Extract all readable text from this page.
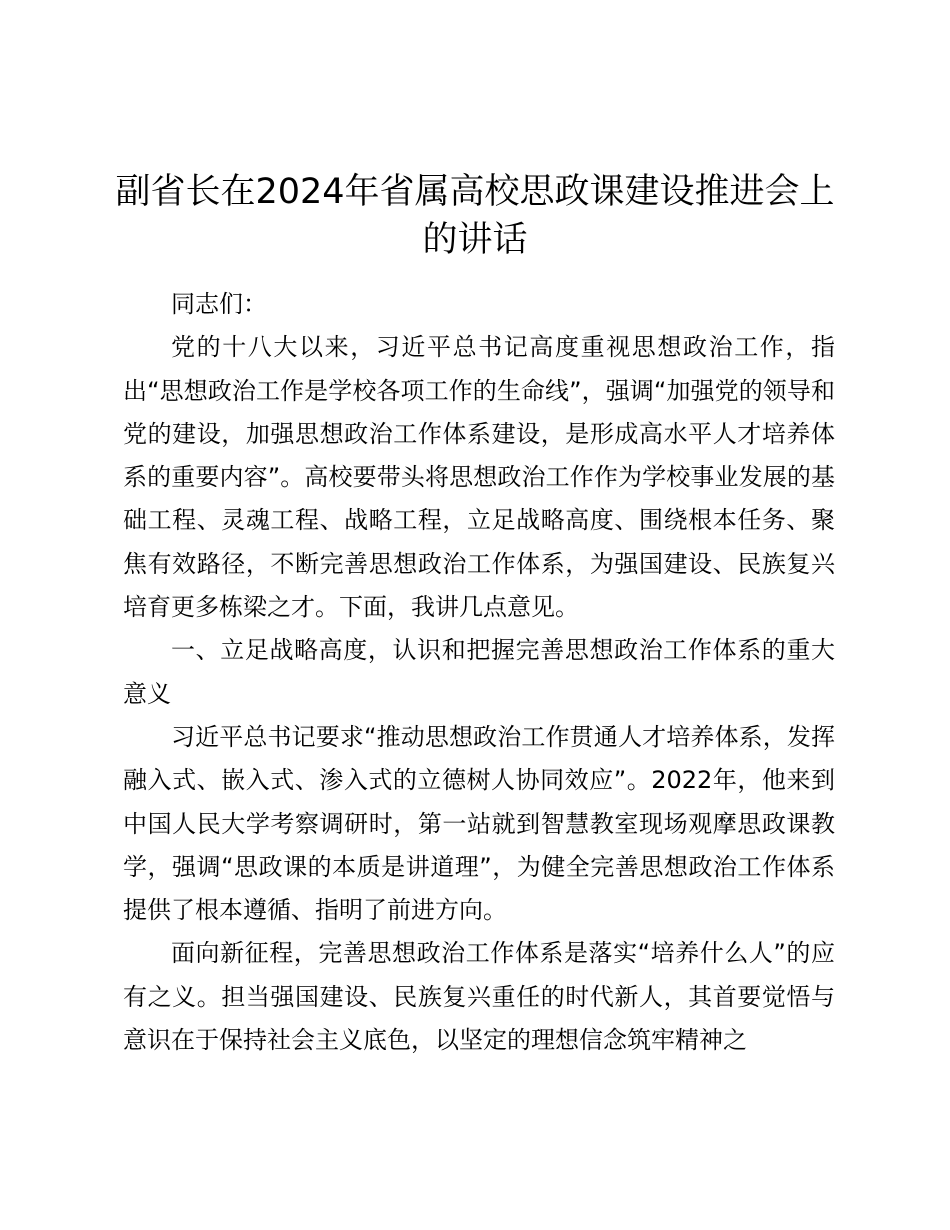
副省长在2024年省属高校思政课建设推进会上的讲话

同志们：

党的十八大以来，习近平总书记高度重视思想政治工作，指出“思想政治工作是学校各项工作的生命线”，强调“加强党的领导和党的建设，加强思想政治工作体系建设，是形成高水平人才培养体系的重要内容”。高校要带头将思想政治工作作为学校事业发展的基础工程、灵魂工程、战略工程，立足战略高度、围绕根本任务、聚焦有效路径，不断完善思想政治工作体系，为强国建设、民族复兴培育更多栋梁之才。下面，我讲几点意见。

一、立足战略高度，认识和把握完善思想政治工作体系的重大意义

习近平总书记要求“推动思想政治工作贯通人才培养体系，发挥融入式、嵌入式、渗入式的立德树人协同效应”。2022年，他来到中国人民大学考察调研时，第一站就到智慧教室现场观摩思政课教学，强调“思政课的本质是讲道理”，为健全完善思想政治工作体系提供了根本遵循、指明了前进方向。

面向新征程，完善思想政治工作体系是落实“培养什么人”的应有之义。担当强国建设、民族复兴重任的时代新人，其首要觉悟与意识在于保持社会主义底色，以坚定的理想信念筑牢精神之
